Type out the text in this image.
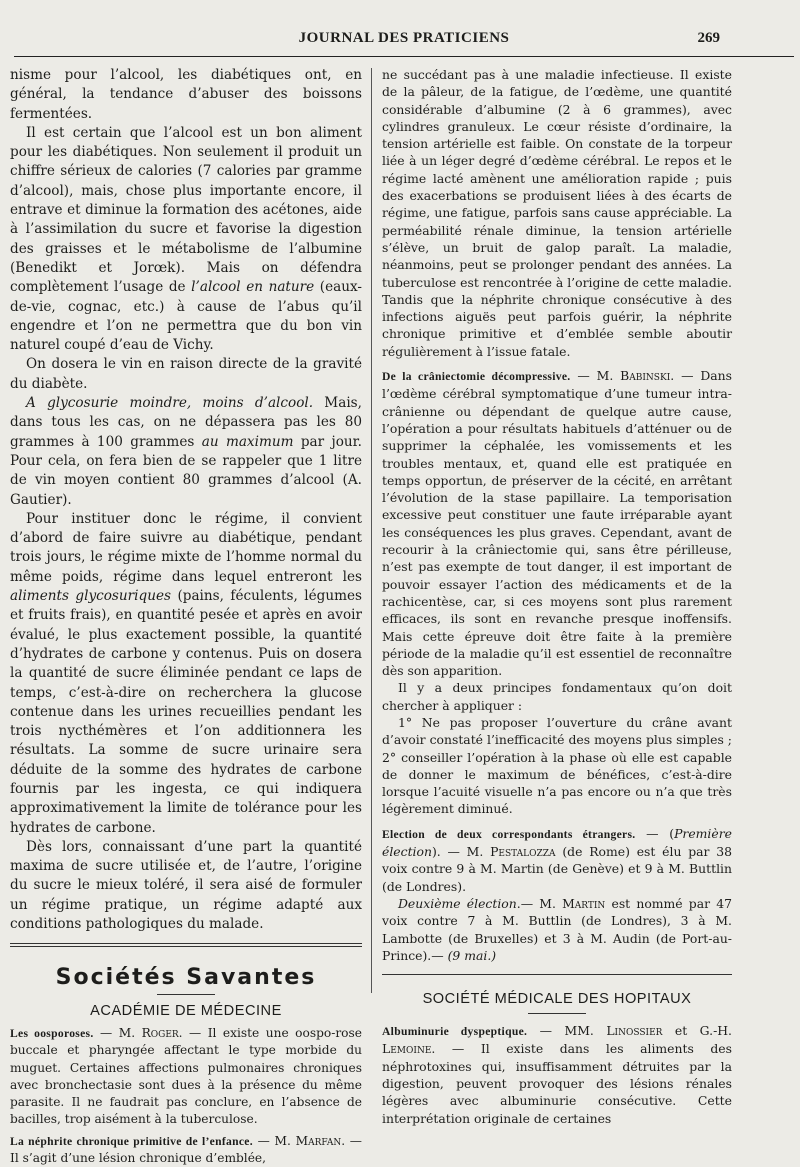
JOURNAL DES PRATICIENS	269

nisme pour l’alcool, les diabétiques ont, en général, la tendance d’abuser des boissons fermentées.

Il est certain que l’alcool est un bon aliment pour les diabétiques. Non seulement il produit un chiffre sérieux de calories (7 calories par gramme d’alcool), mais, chose plus importante encore, il entrave et diminue la formation des acétones, aide à l’assimilation du sucre et favorise la digestion des graisses et le métabolisme de l’albumine (Benedikt et Jorœk). Mais on défendra complètement l’usage de l’alcool en nature (eaux-de-vie, cognac, etc.) à cause de l’abus qu’il engendre et l’on ne permettra que du bon vin naturel coupé d’eau de Vichy.

On dosera le vin en raison directe de la gravité du diabète.

A glycosurie moindre, moins d’alcool. Mais, dans tous les cas, on ne dépassera pas les 80 grammes à 100 grammes au maximum par jour. Pour cela, on fera bien de se rappeler que 1 litre de vin moyen contient 80 grammes d’alcool (A. Gautier).

Pour instituer donc le régime, il convient d’abord de faire suivre au diabétique, pendant trois jours, le régime mixte de l’homme normal du même poids, régime dans lequel entreront les aliments glycosuriques (pains, féculents, légumes et fruits frais), en quantité pesée et après en avoir évalué, le plus exactement possible, la quantité d’hydrates de carbone y contenus. Puis on dosera la quantité de sucre éliminée pendant ce laps de temps, c’est-à-dire on recherchera la glucose contenue dans les urines recueillies pendant les trois nycthémères et l’on additionnera les résultats. La somme de sucre urinaire sera déduite de la somme des hydrates de carbone fournis par les ingesta, ce qui indiquera approximativement la limite de tolérance pour les hydrates de carbone.

Dès lors, connaissant d’une part la quantité maxima de sucre utilisée et, de l’autre, l’origine du sucre le mieux toléré, il sera aisé de formuler un régime pratique, un régime adapté aux conditions pathologiques du malade.

Sociétés Savantes
ACADÉMIE DE MÉDECINE

Les oosporoses. — M. Roger. — Il existe une oospo-rose buccale et pharyngée affectant le type morbide du muguet. Certaines affections pulmonaires chroniques avec bronchectasie sont dues à la présence du même parasite. Il ne faudrait pas conclure, en l’absence de bacilles, trop aisément à la tuberculose.

La néphrite chronique primitive de l’enfance. — M. Marfan. — Il s’agit d’une lésion chronique d’emblée,

ne succédant pas à une maladie infectieuse. Il existe de la pâleur, de la fatigue, de l’œdème, une quantité considérable d’albumine (2 à 6 grammes), avec cylindres granuleux. Le cœur résiste d’ordinaire, la tension artérielle est faible. On constate de la torpeur liée à un léger degré d’œdème cérébral. Le repos et le régime lacté amènent une amélioration rapide ; puis des exacerbations se produisent liées à des écarts de régime, une fatigue, parfois sans cause appréciable. La perméabilité rénale diminue, la tension artérielle s’élève, un bruit de galop paraît. La maladie, néanmoins, peut se prolonger pendant des années. La tuberculose est rencontrée à l’origine de cette maladie. Tandis que la néphrite chronique consécutive à des infections aiguës peut parfois guérir, la néphrite chronique primitive et d’emblée semble aboutir régulièrement à l’issue fatale.

De la crâniectomie décompressive. — M. Babinski. — Dans l’œdème cérébral symptomatique d’une tumeur intra-crânienne ou dépendant de quelque autre cause, l’opération a pour résultats habituels d’atténuer ou de supprimer la céphalée, les vomissements et les troubles mentaux, et, quand elle est pratiquée en temps opportun, de préserver de la cécité, en arrêtant l’évolution de la stase papillaire. La temporisation excessive peut constituer une faute irréparable ayant les conséquences les plus graves. Cependant, avant de recourir à la crâniectomie qui, sans être périlleuse, n’est pas exempte de tout danger, il est important de pouvoir essayer l’action des médicaments et de la rachicentèse, car, si ces moyens sont plus rarement efficaces, ils sont en revanche presque inoffensifs. Mais cette épreuve doit être faite à la première période de la maladie qu’il est essentiel de reconnaître dès son apparition.

Il y a deux principes fondamentaux qu’on doit chercher à appliquer :

1° Ne pas proposer l’ouverture du crâne avant d’avoir constaté l’inefficacité des moyens plus simples ; 2° conseiller l’opération à la phase où elle est capable de donner le maximum de bénéfices, c’est-à-dire lorsque l’acuité visuelle n’a pas encore ou n’a que très légèrement diminué.

Election de deux correspondants étrangers. — (Première élection). — M. Pestalozza (de Rome) est élu par 38 voix contre 9 à M. Martin (de Genève) et 9 à M. Buttlin (de Londres).

Deuxième élection.— M. Martin est nommé par 47 voix contre 7 à M. Buttlin (de Londres), 3 à M. Lambotte (de Bruxelles) et 3 à M. Audin (de Port-au-Prince).— (9 mai.)

SOCIÉTÉ MÉDICALE DES HOPITAUX

Albuminurie dyspeptique. — MM. Linossier et G.-H. Lemoine. — Il existe dans les aliments des néphrotoxines qui, insuffisamment détruites par la digestion, peuvent provoquer des lésions rénales légères avec albuminurie consécutive. Cette interprétation originale de certaines
